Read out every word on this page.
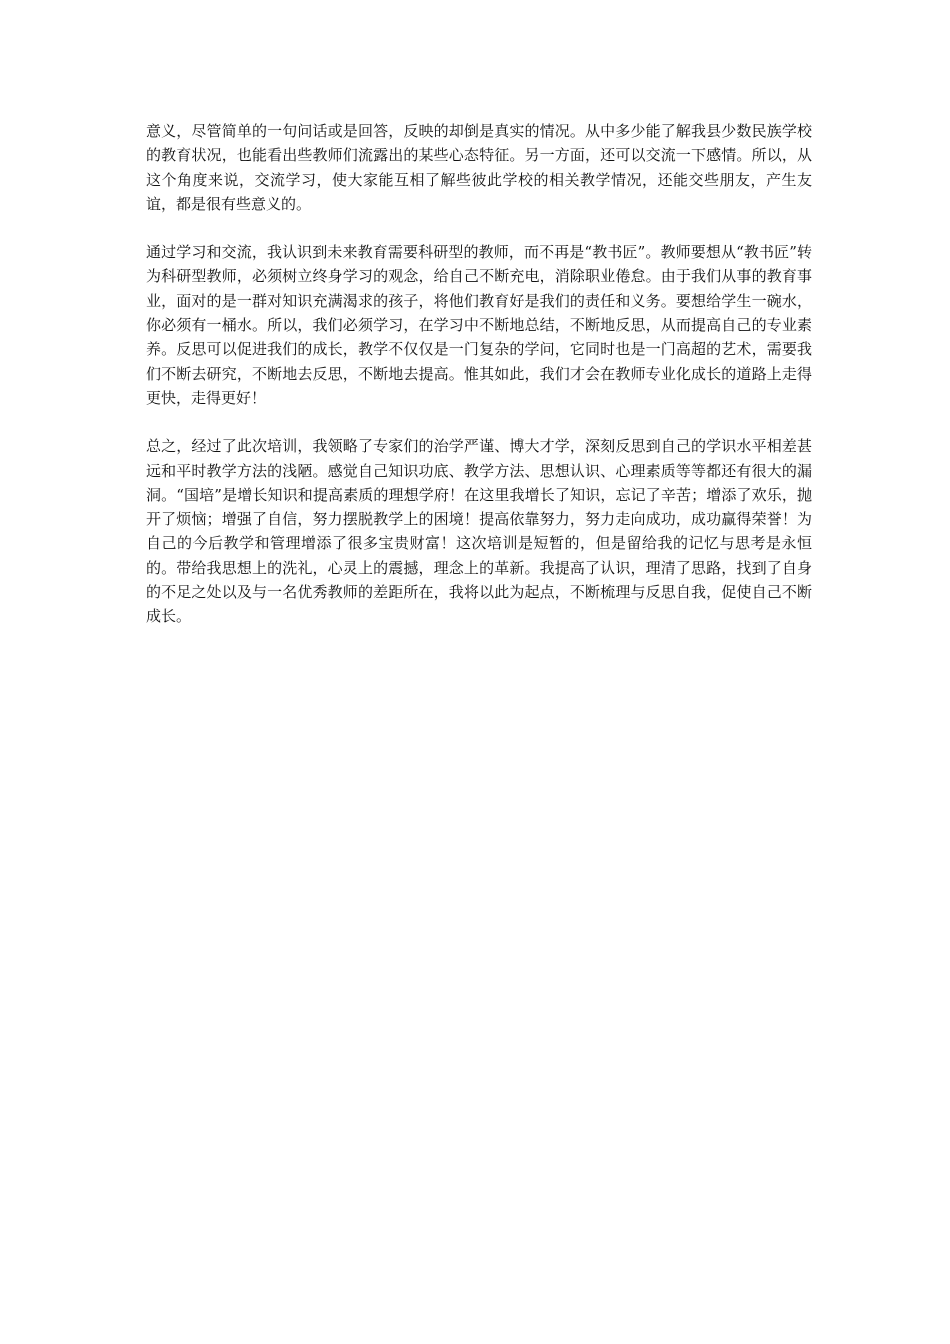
意义，尽管简单的一句问话或是回答，反映的却倒是真实的情况。从中多少能了解我县少数民族学校的教育状况，也能看出些教师们流露出的某些心态特征。另一方面，还可以交流一下感情。所以，从这个角度来说，交流学习，使大家能互相了解些彼此学校的相关教学情况，还能交些朋友，产生友谊，都是很有些意义的。

通过学习和交流，我认识到未来教育需要科研型的教师，而不再是“教书匠”。教师要想从“教书匠”转为科研型教师，必须树立终身学习的观念，给自己不断充电，消除职业倦怠。由于我们从事的教育事业，面对的是一群对知识充满渴求的孩子，将他们教育好是我们的责任和义务。要想给学生一碗水，你必须有一桶水。所以，我们必须学习，在学习中不断地总结，不断地反思，从而提高自己的专业素养。反思可以促进我们的成长，教学不仅仅是一门复杂的学问，它同时也是一门高超的艺术，需要我们不断去研究，不断地去反思，不断地去提高。惟其如此，我们才会在教师专业化成长的道路上走得更快，走得更好！

总之，经过了此次培训，我领略了专家们的治学严谨、博大才学，深刻反思到自己的学识水平相差甚远和平时教学方法的浅陋。感觉自己知识功底、教学方法、思想认识、心理素质等等都还有很大的漏洞。“国培”是增长知识和提高素质的理想学府！在这里我增长了知识，忘记了辛苦；增添了欢乐，抛开了烦恼；增强了自信，努力摆脱教学上的困境！提高依靠努力，努力走向成功，成功赢得荣誉！为自己的今后教学和管理增添了很多宝贵财富！这次培训是短暂的，但是留给我的记忆与思考是永恒的。带给我思想上的洗礼，心灵上的震撼，理念上的革新。我提高了认识，理清了思路，找到了自身的不足之处以及与一名优秀教师的差距所在，我将以此为起点，不断梳理与反思自我，促使自己不断成长。
